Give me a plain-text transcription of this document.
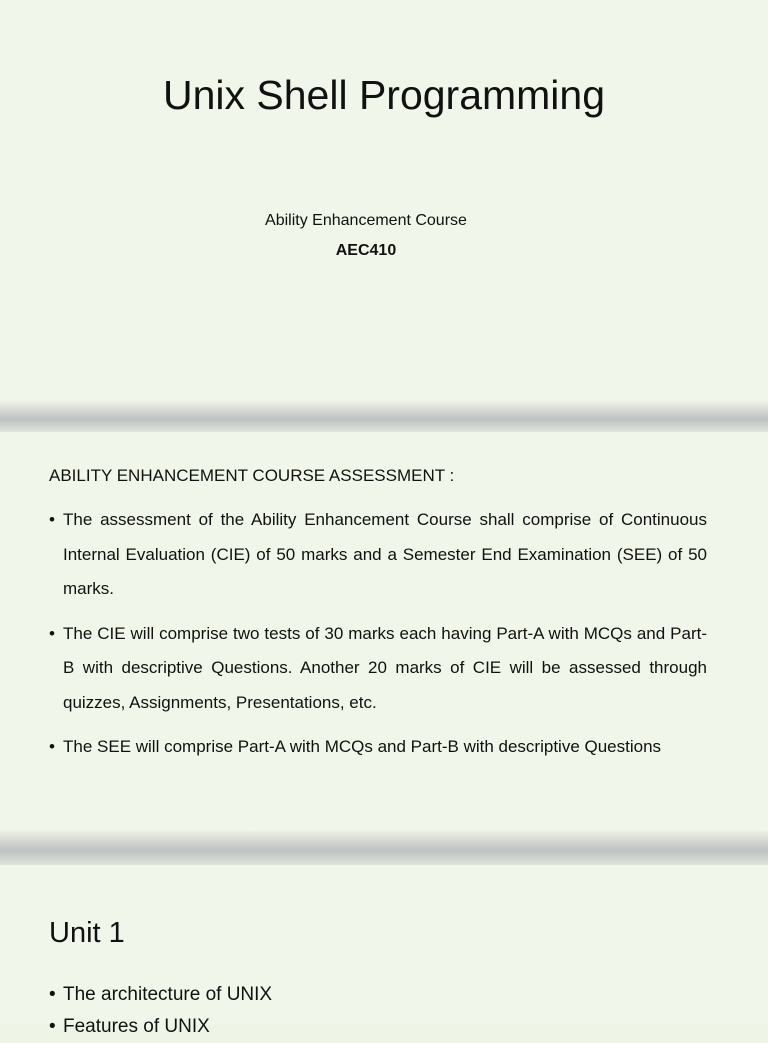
Unix Shell Programming
Ability Enhancement Course
AEC410
ABILITY ENHANCEMENT COURSE ASSESSMENT :
• The assessment of the Ability Enhancement Course shall comprise of Continuous Internal Evaluation (CIE) of 50 marks and a Semester End Examination (SEE) of 50 marks.
• The CIE will comprise two tests of 30 marks each having Part-A with MCQs and Part-B with descriptive Questions. Another 20 marks of CIE will be assessed through quizzes, Assignments, Presentations, etc.
• The SEE will comprise Part-A with MCQs and Part-B with descriptive Questions
Unit 1
• The architecture of UNIX
• Features of UNIX
